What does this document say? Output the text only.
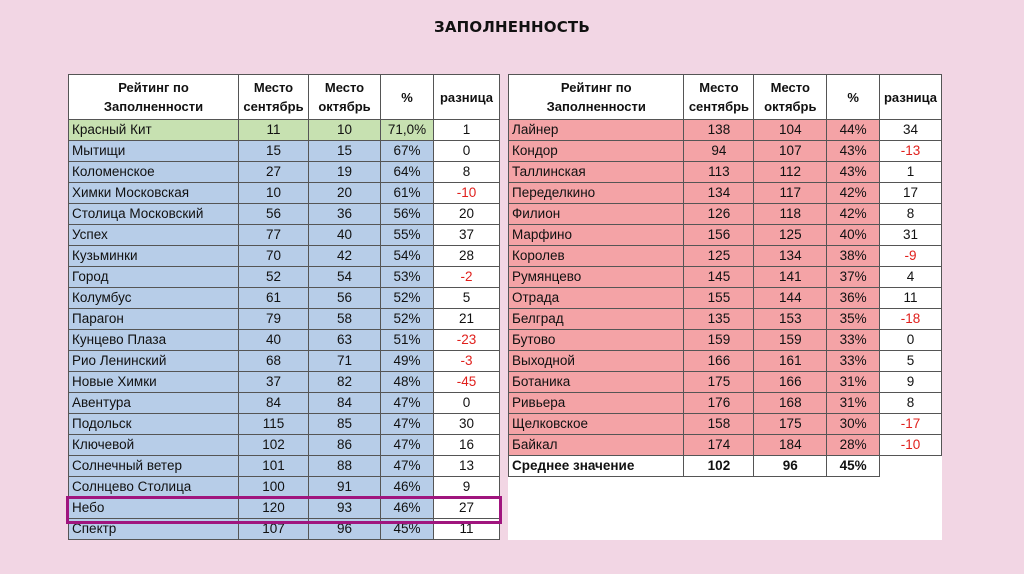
ЗАПОЛНЕННОСТЬ
Рейтинг по Заполненности	Место сентябрь	Место октябрь	%	разница
Красный Кит	11	10	71,0%	1
Мытищи	15	15	67%	0
Коломенское	27	19	64%	8
Химки Московская	10	20	61%	-10
Столица Московский	56	36	56%	20
Успех	77	40	55%	37
Кузьминки	70	42	54%	28
Город	52	54	53%	-2
Колумбус	61	56	52%	5
Парагон	79	58	52%	21
Кунцево Плаза	40	63	51%	-23
Рио Ленинский	68	71	49%	-3
Новые Химки	37	82	48%	-45
Авентура	84	84	47%	0
Подольск	115	85	47%	30
Ключевой	102	86	47%	16
Солнечный ветер	101	88	47%	13
Солнцево Столица	100	91	46%	9
Небо	120	93	46%	27
Спектр	107	96	45%	11
Рейтинг по Заполненности	Место сентябрь	Место октябрь	%	разница
Лайнер	138	104	44%	34
Кондор	94	107	43%	-13
Таллинская	113	112	43%	1
Переделкино	134	117	42%	17
Филион	126	118	42%	8
Марфино	156	125	40%	31
Королев	125	134	38%	-9
Румянцево	145	141	37%	4
Отрада	155	144	36%	11
Белград	135	153	35%	-18
Бутово	159	159	33%	0
Выходной	166	161	33%	5
Ботаника	175	166	31%	9
Ривьера	176	168	31%	8
Щелковское	158	175	30%	-17
Байкал	174	184	28%	-10
Среднее значение	102	96	45%	
